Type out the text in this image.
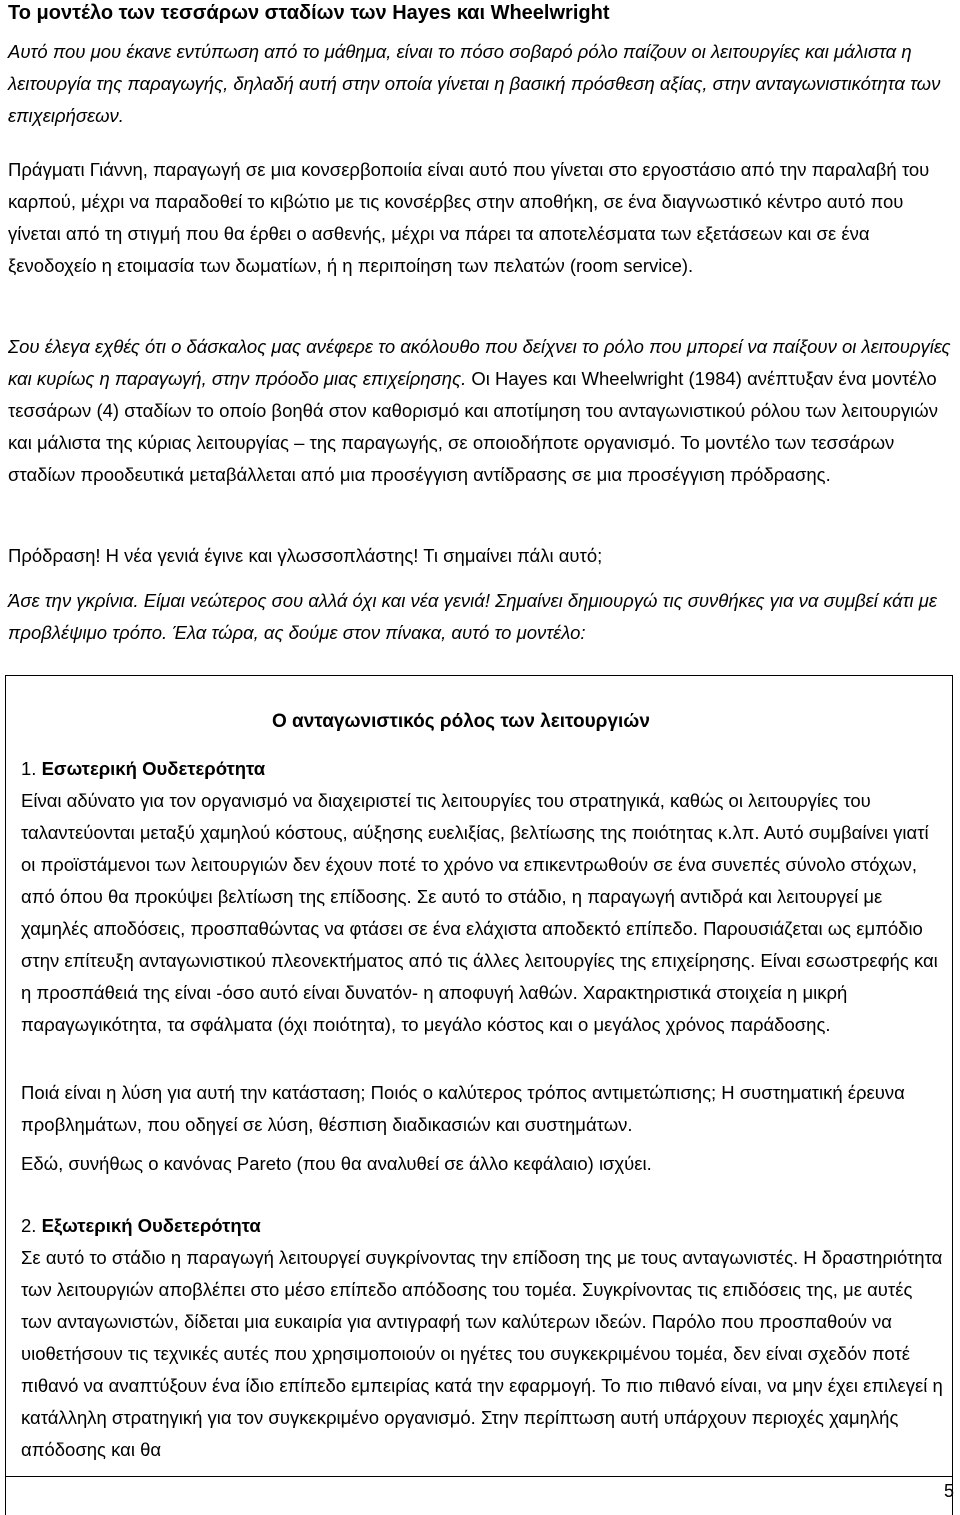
Το μοντέλο των τεσσάρων σταδίων των Hayes και Wheelwright
Αυτό που μου έκανε εντύπωση από το μάθημα, είναι το πόσο σοβαρό ρόλο παίζουν οι λειτουργίες και μάλιστα η λειτουργία της παραγωγής, δηλαδή αυτή στην οποία γίνεται η βασική πρόσθεση αξίας, στην ανταγωνιστικότητα των επιχειρήσεων.
Πράγματι Γιάννη, παραγωγή σε μια κονσερβοποιία είναι αυτό που γίνεται στο εργοστάσιο από την παραλαβή του καρπού, μέχρι να παραδοθεί το κιβώτιο με τις κονσέρβες στην αποθήκη, σε ένα διαγνωστικό κέντρο αυτό που γίνεται από τη στιγμή που θα έρθει ο ασθενής, μέχρι να πάρει τα αποτελέσματα των εξετάσεων και σε ένα ξενοδοχείο η ετοιμασία των δωματίων, ή η περιποίηση των πελατών (room service).
Σου έλεγα εχθές ότι ο δάσκαλος μας ανέφερε το ακόλουθο που δείχνει το ρόλο που μπορεί να παίξουν οι λειτουργίες και κυρίως η παραγωγή, στην πρόοδο μιας επιχείρησης. Οι Hayes και Wheelwright (1984) ανέπτυξαν ένα μοντέλο τεσσάρων (4) σταδίων το οποίο βοηθά στον καθορισμό και αποτίμηση του ανταγωνιστικού ρόλου των λειτουργιών και μάλιστα της κύριας λειτουργίας – της παραγωγής, σε οποιοδήποτε οργανισμό. Το μοντέλο των τεσσάρων σταδίων προοδευτικά μεταβάλλεται από μια προσέγγιση αντίδρασης σε μια προσέγγιση πρόδρασης.
Πρόδραση! Η νέα γενιά έγινε και γλωσσοπλάστης! Τι σημαίνει πάλι αυτό;
Άσε την γκρίνια. Είμαι νεώτερος σου αλλά όχι και νέα γενιά! Σημαίνει δημιουργώ τις συνθήκες για να συμβεί κάτι με προβλέψιμο τρόπο. Έλα τώρα, ας δούμε στον πίνακα, αυτό το μοντέλο:
Ο ανταγωνιστικός ρόλος των λειτουργιών
1. Εσωτερική Ουδετερότητα
Είναι αδύνατο για τον οργανισμό να διαχειριστεί τις λειτουργίες του στρατηγικά, καθώς οι λειτουργίες του ταλαντεύονται μεταξύ χαμηλού κόστους, αύξησης ευελιξίας, βελτίωσης της ποιότητας κ.λπ. Αυτό συμβαίνει γιατί οι προϊστάμενοι των λειτουργιών δεν έχουν ποτέ το χρόνο να επικεντρωθούν σε ένα συνεπές σύνολο στόχων, από όπου θα προκύψει βελτίωση της επίδοσης. Σε αυτό το στάδιο, η παραγωγή αντιδρά και λειτουργεί με χαμηλές αποδόσεις, προσπαθώντας να φτάσει σε ένα ελάχιστα αποδεκτό επίπεδο. Παρουσιάζεται ως εμπόδιο στην επίτευξη ανταγωνιστικού πλεονεκτήματος από τις άλλες λειτουργίες της επιχείρησης. Είναι εσωστρεφής και η προσπάθειά της είναι -όσο αυτό είναι δυνατόν- η αποφυγή λαθών. Χαρακτηριστικά στοιχεία η μικρή παραγωγικότητα, τα σφάλματα (όχι ποιότητα), το μεγάλο κόστος και ο μεγάλος χρόνος παράδοσης.
Ποιά είναι η λύση για αυτή την κατάσταση; Ποιός ο καλύτερος τρόπος αντιμετώπισης; Η συστηματική έρευνα προβλημάτων, που οδηγεί σε λύση, θέσπιση διαδικασιών και συστημάτων.
Εδώ, συνήθως ο κανόνας Pareto (που θα αναλυθεί σε άλλο κεφάλαιο) ισχύει.
2. Εξωτερική Ουδετερότητα
Σε αυτό το στάδιο η παραγωγή λειτουργεί συγκρίνοντας την επίδοση της με τους ανταγωνιστές. Η δραστηριότητα των λειτουργιών αποβλέπει στο μέσο επίπεδο απόδοσης του τομέα. Συγκρίνοντας τις επιδόσεις της, με αυτές των ανταγωνιστών, δίδεται μια ευκαιρία για αντιγραφή των καλύτερων ιδεών. Παρόλο που προσπαθούν να υιοθετήσουν τις τεχνικές αυτές που χρησιμοποιούν οι ηγέτες του συγκεκριμένου τομέα, δεν είναι σχεδόν ποτέ πιθανό να αναπτύξουν ένα ίδιο επίπεδο εμπειρίας κατά την εφαρμογή. Το πιο πιθανό είναι, να μην έχει επιλεγεί η κατάλληλη στρατηγική για τον συγκεκριμένο οργανισμό. Στην περίπτωση αυτή υπάρχουν περιοχές χαμηλής απόδοσης και θα
5
